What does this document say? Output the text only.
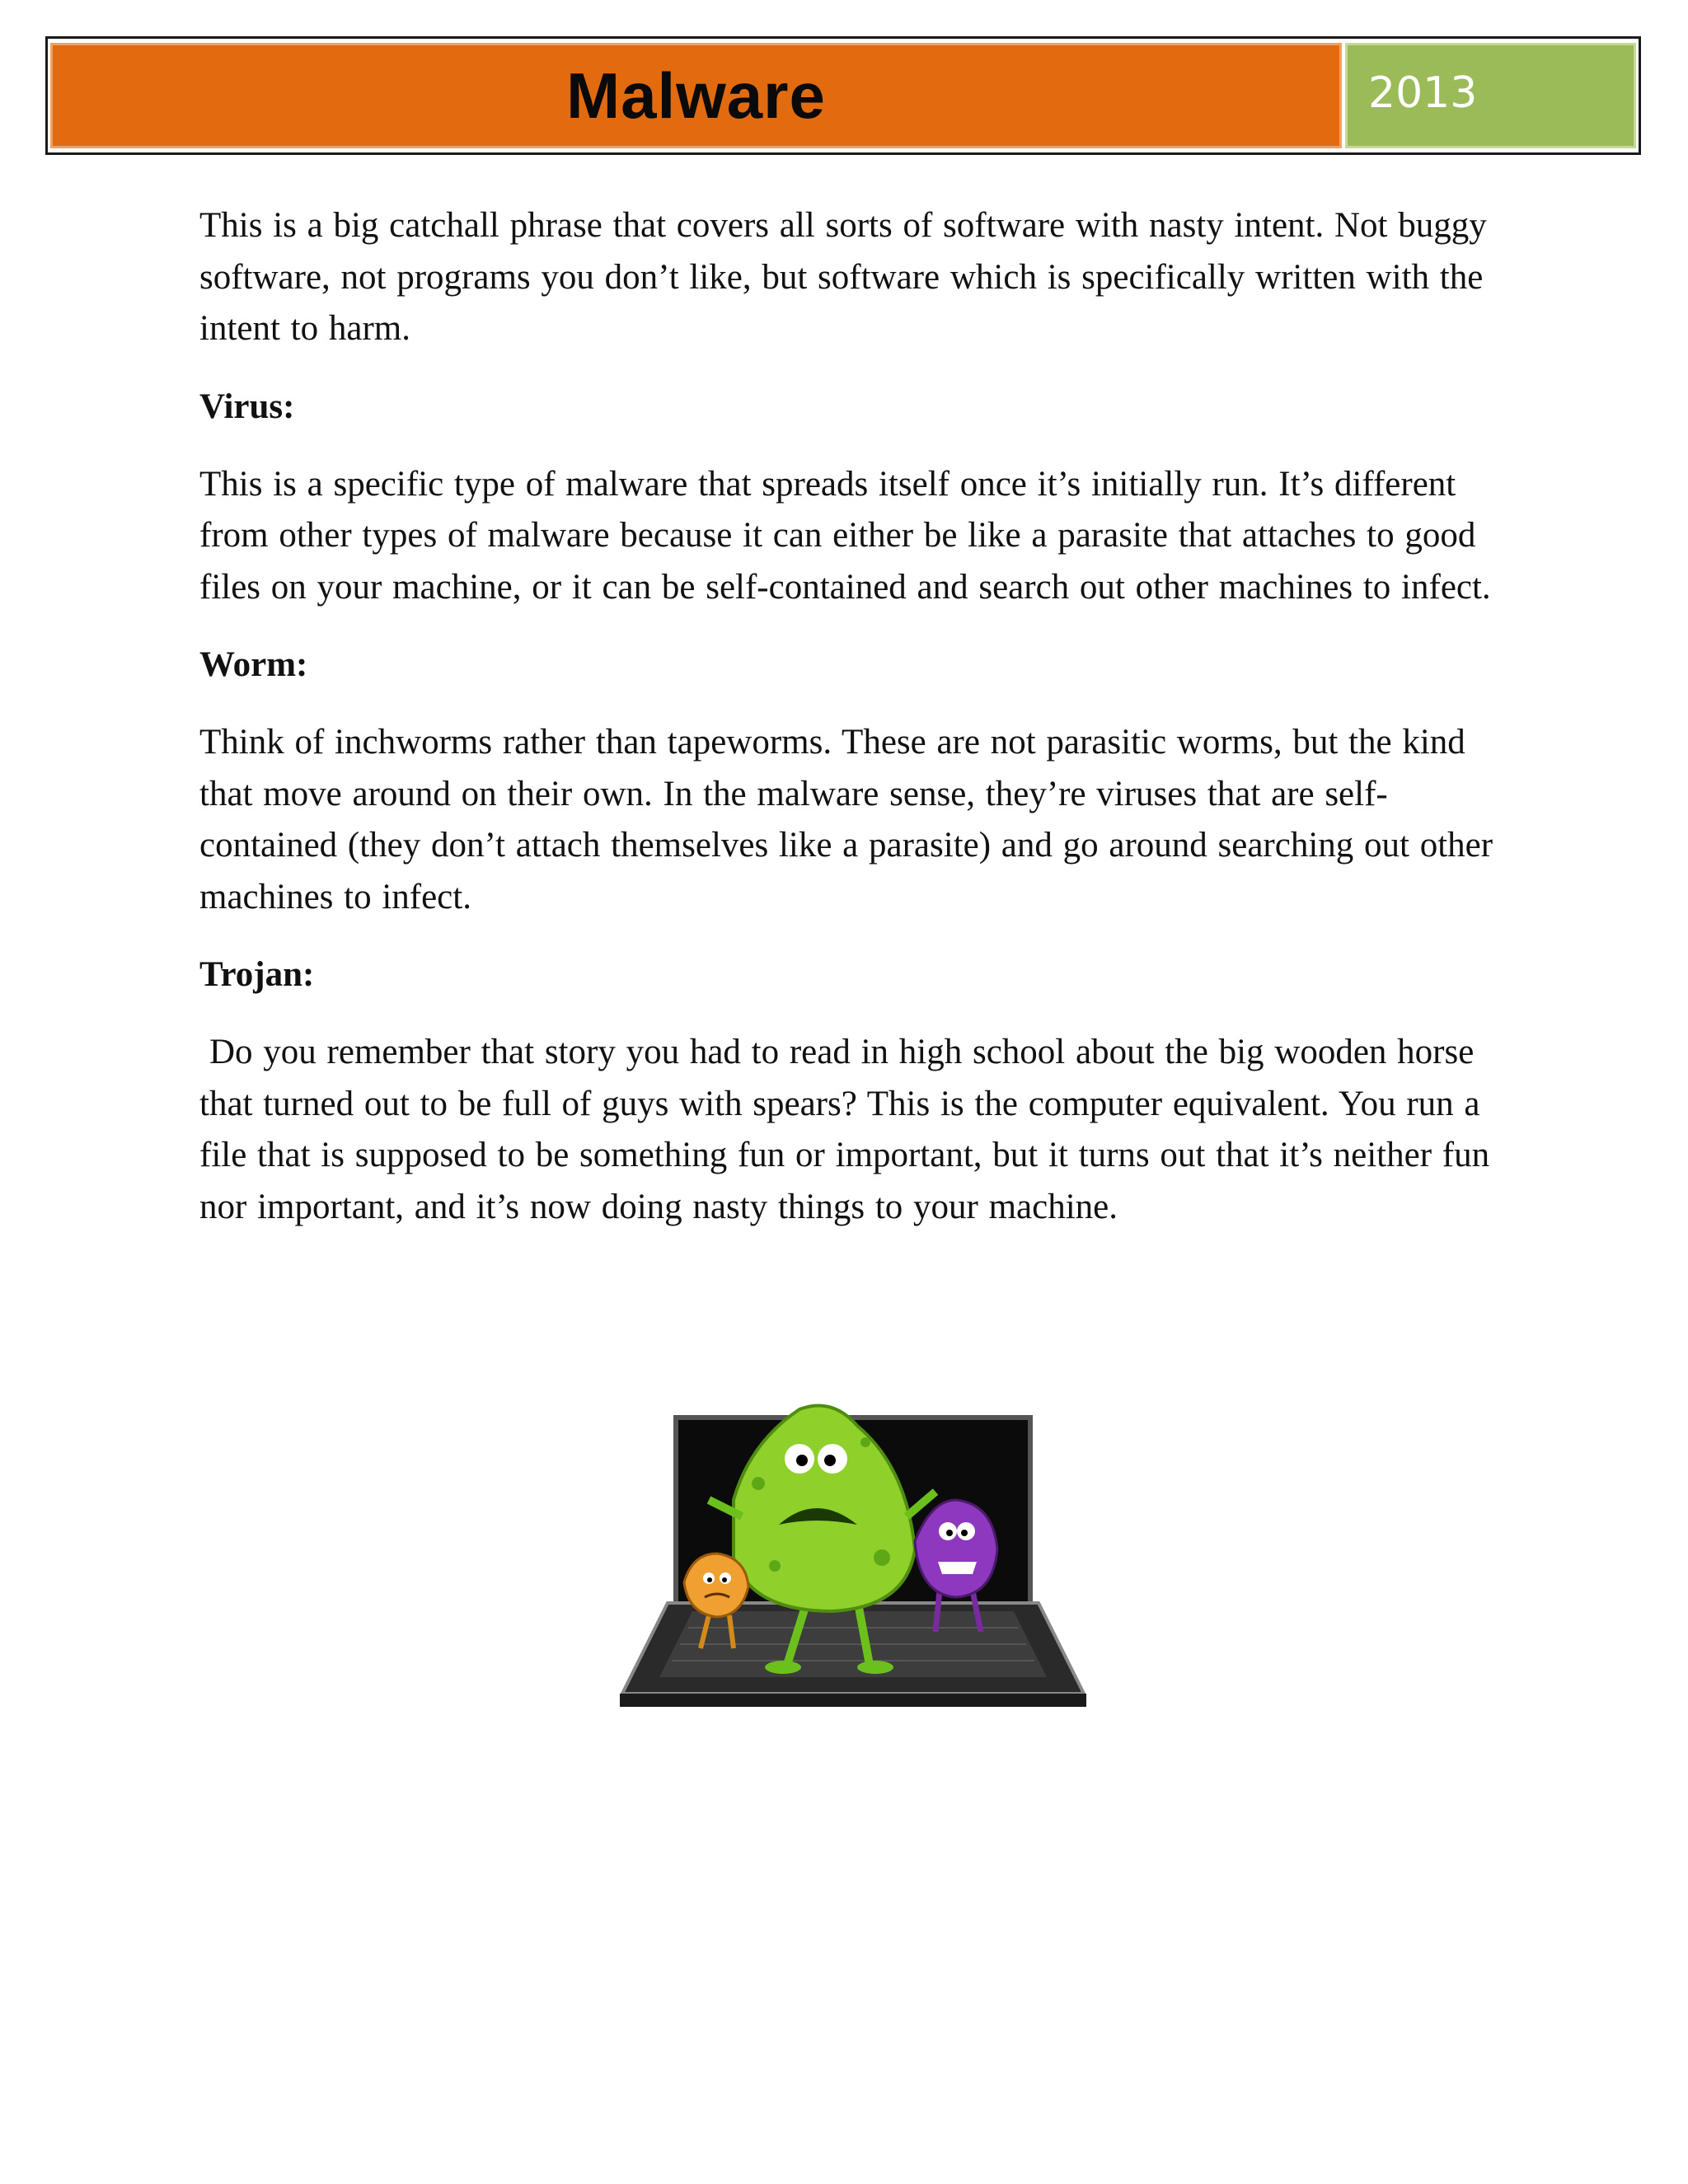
Malware	2013

This is a big catchall phrase that covers all sorts of software with nasty intent. Not buggy software, not programs you don’t like, but software which is specifically written with the intent to harm.

Virus:

This is a specific type of malware that spreads itself once it’s initially run. It’s different from other types of malware because it can either be like a parasite that attaches to good files on your machine, or it can be self-contained and search out other machines to infect.

Worm:

Think of inchworms rather than tapeworms. These are not parasitic worms, but the kind that move around on their own. In the malware sense, they’re viruses that are self-contained (they don’t attach themselves like a parasite) and go around searching out other machines to infect.

Trojan:

Do you remember that story you had to read in high school about the big wooden horse that turned out to be full of guys with spears? This is the computer equivalent. You run a file that is supposed to be something fun or important, but it turns out that it’s neither fun nor important, and it’s now doing nasty things to your machine.
